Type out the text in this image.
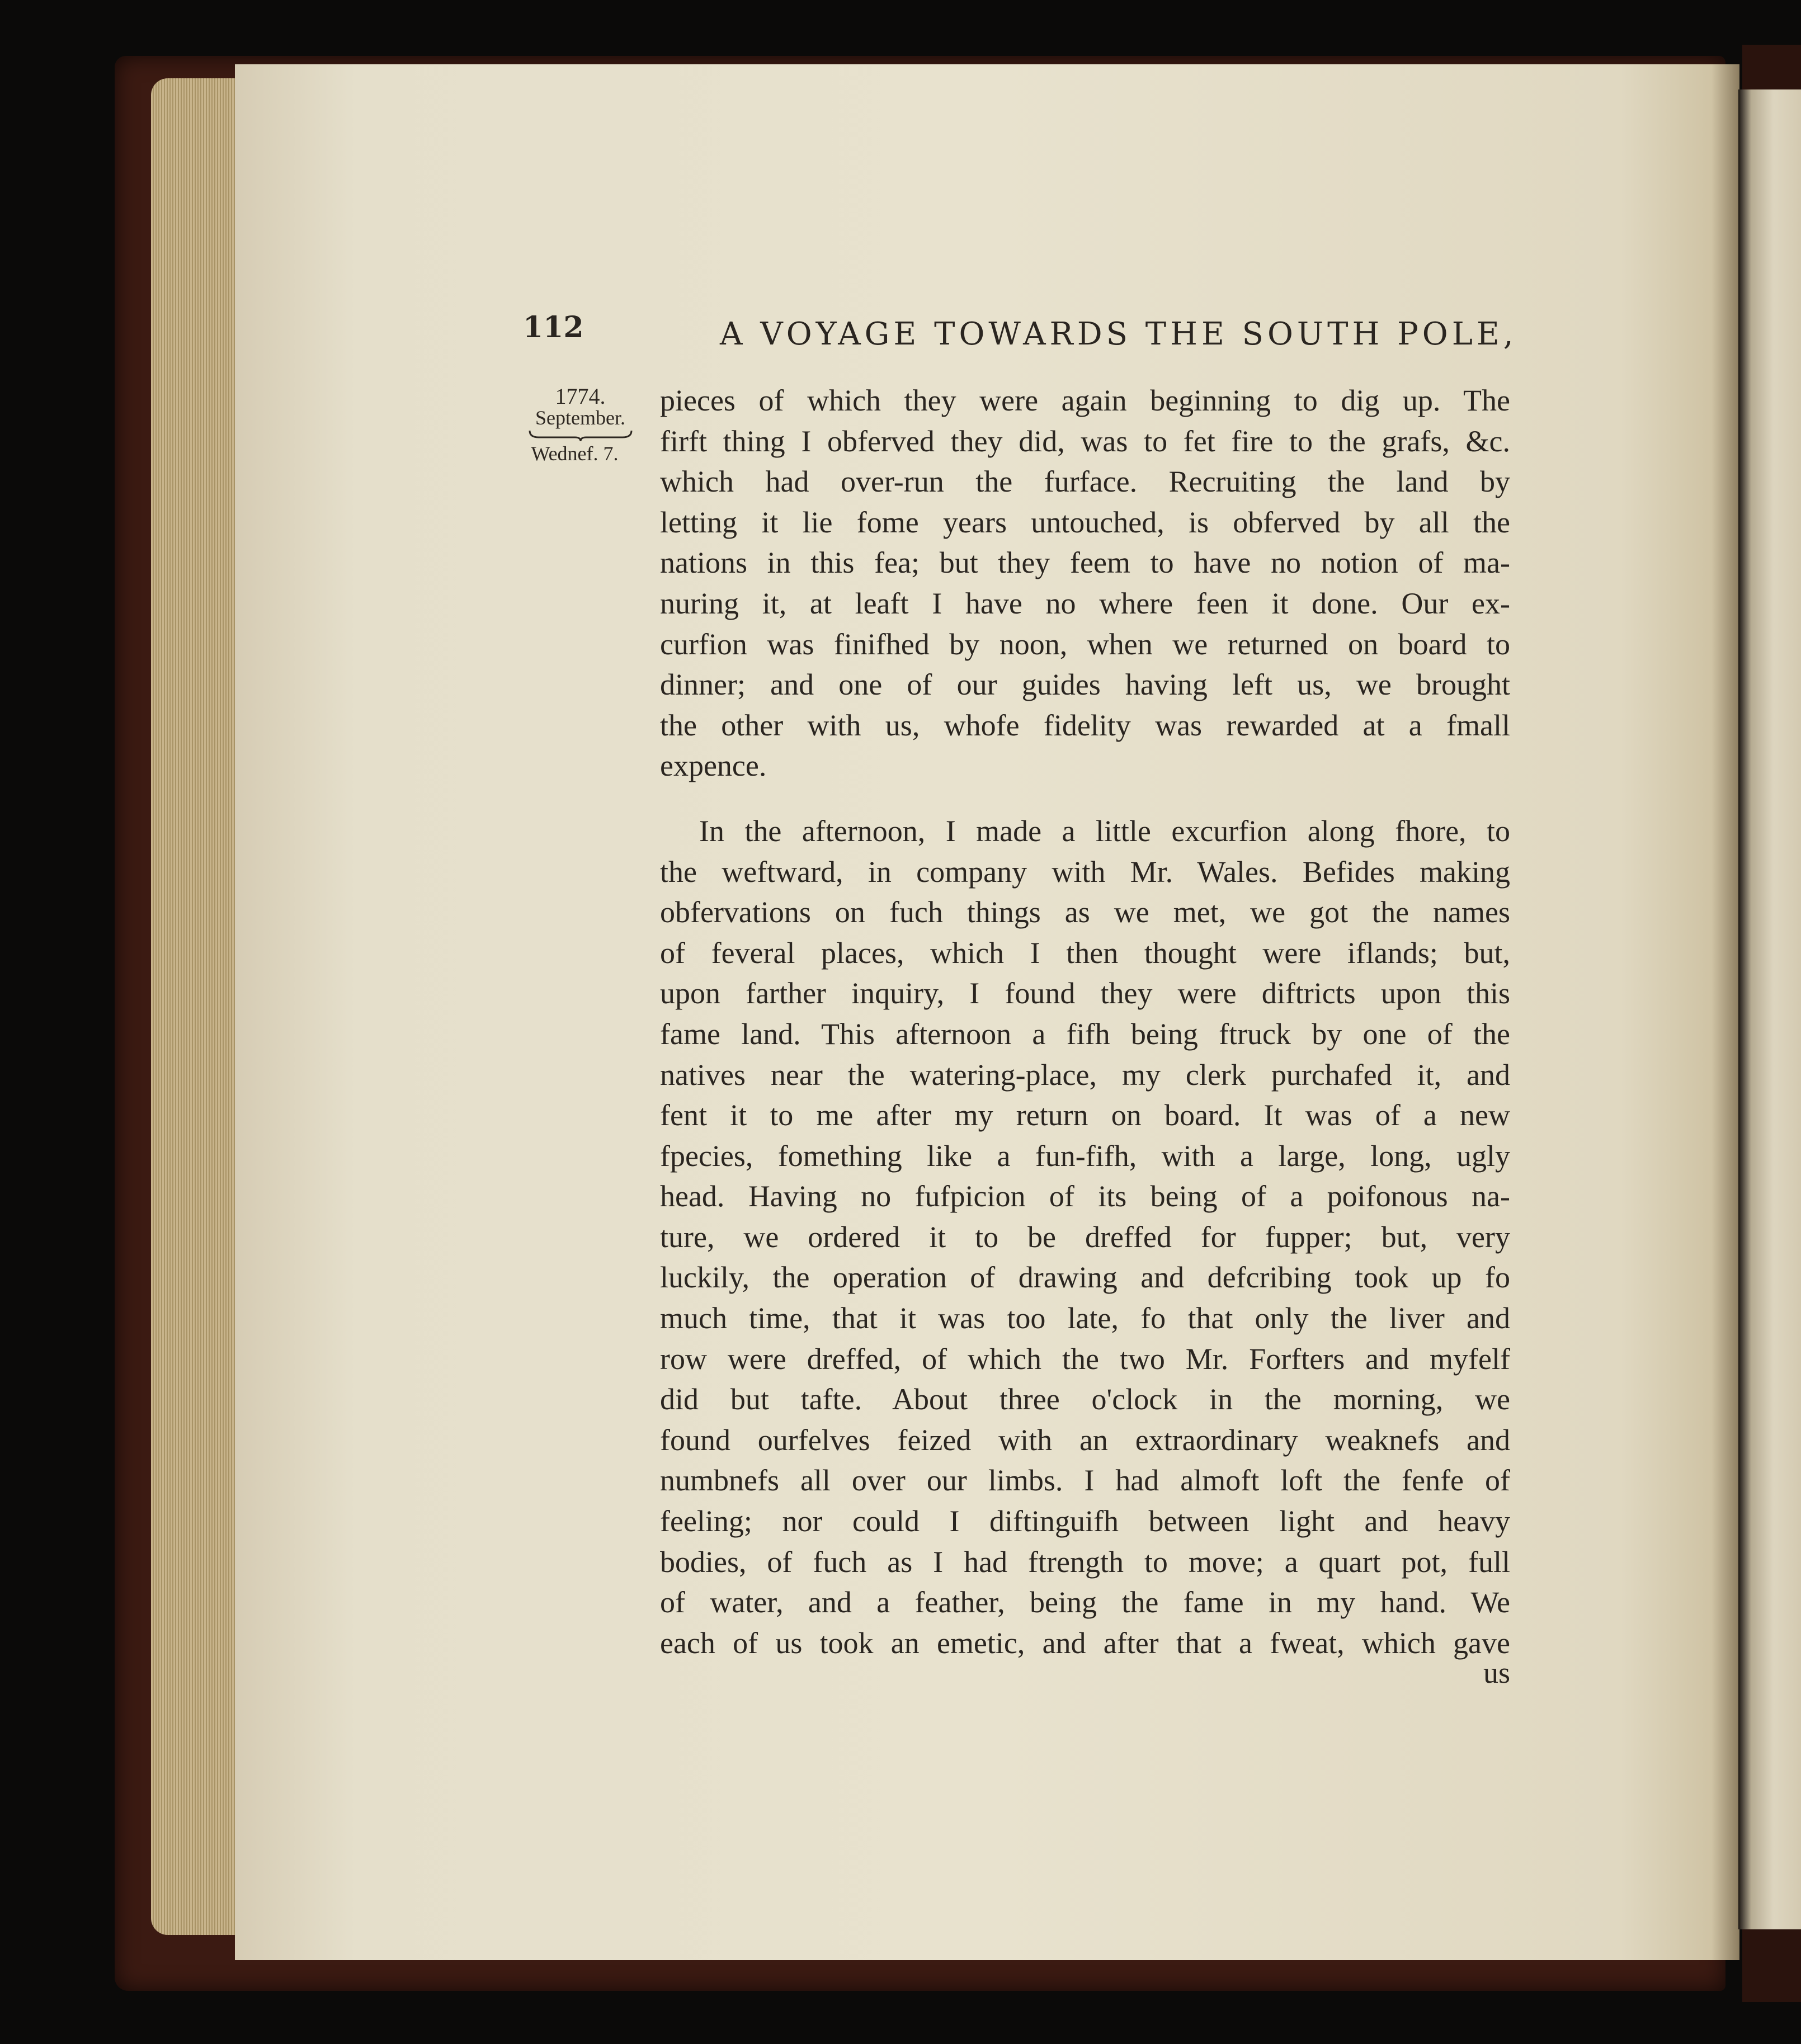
112	A VOYAGE TOWARDS THE SOUTH POLE,
1774.
September.
Wednef. 7.
pieces of which they were again beginning to dig up. The
firft thing I obferved they did, was to fet fire to the grafs, &c.
which had over-run the furface. Recruiting the land by
letting it lie fome years untouched, is obferved by all the
nations in this fea; but they feem to have no notion of ma-
nuring it, at leaft I have no where feen it done. Our ex-
curfion was finifhed by noon, when we returned on board to
dinner; and one of our guides having left us, we brought
the other with us, whofe fidelity was rewarded at a fmall
expence.
In the afternoon, I made a little excurfion along fhore, to
the weftward, in company with Mr. Wales. Befides making
obfervations on fuch things as we met, we got the names
of feveral places, which I then thought were iflands; but,
upon farther inquiry, I found they were diftricts upon this
fame land. This afternoon a fifh being ftruck by one of the
natives near the watering-place, my clerk purchafed it, and
fent it to me after my return on board. It was of a new
fpecies, fomething like a fun-fifh, with a large, long, ugly
head. Having no fufpicion of its being of a poifonous na-
ture, we ordered it to be dreffed for fupper; but, very
luckily, the operation of drawing and defcribing took up fo
much time, that it was too late, fo that only the liver and
row were dreffed, of which the two Mr. Forfters and myfelf
did but tafte. About three o'clock in the morning, we
found ourfelves feized with an extraordinary weaknefs and
numbnefs all over our limbs. I had almoft loft the fenfe of
feeling; nor could I diftinguifh between light and heavy
bodies, of fuch as I had ftrength to move; a quart pot, full
of water, and a feather, being the fame in my hand. We
each of us took an emetic, and after that a fweat, which gave
us
